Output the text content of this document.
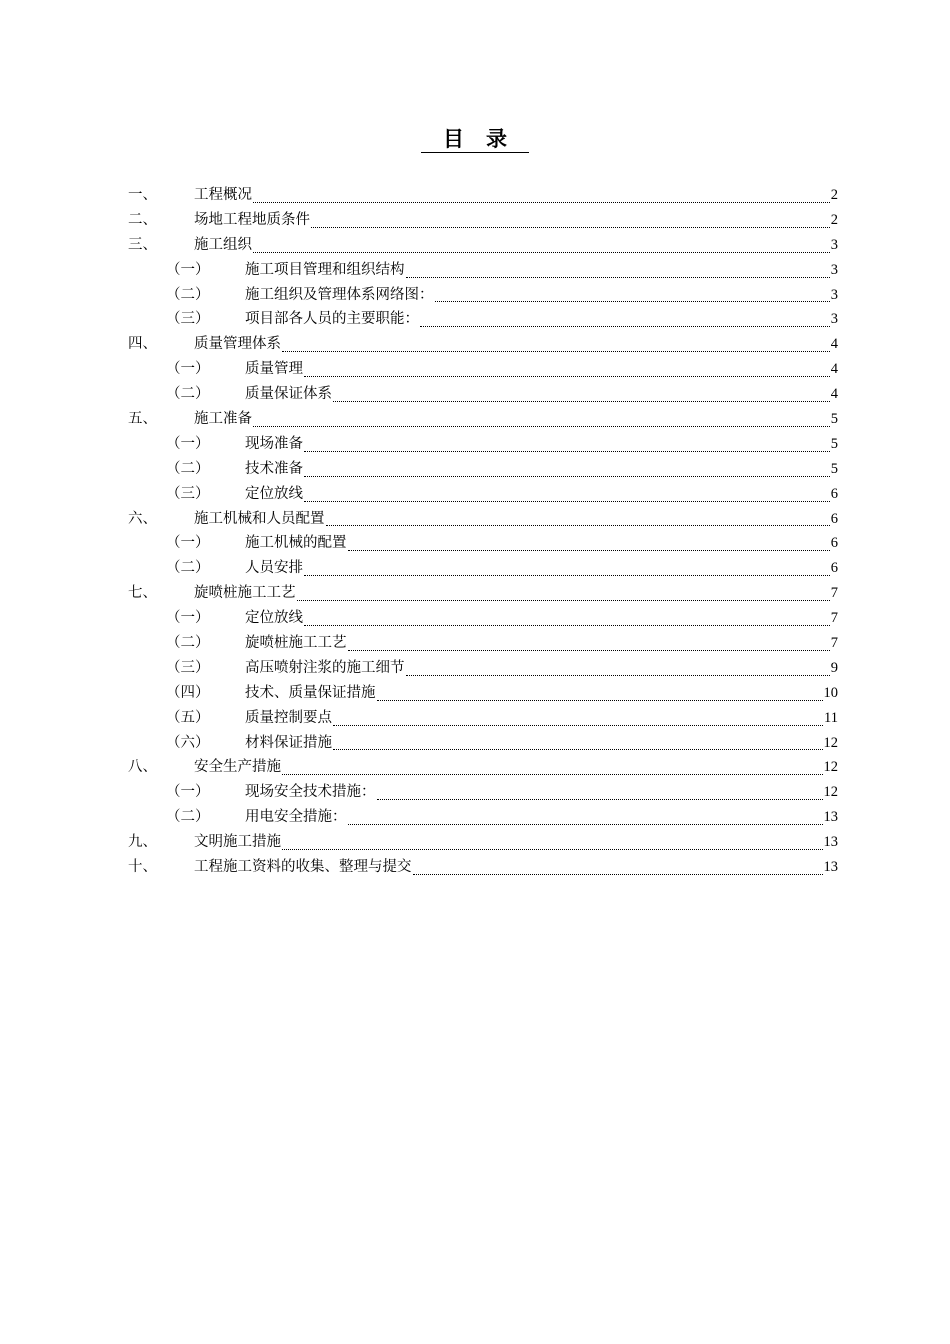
目录
一、	工程概况	2
二、	场地工程地质条件	2
三、	施工组织	3
（一）	施工项目管理和组织结构	3
（二）	施工组织及管理体系网络图：	3
（三）	项目部各人员的主要职能：	3
四、	质量管理体系	4
（一）	质量管理	4
（二）	质量保证体系	4
五、	施工准备	5
（一）	现场准备	5
（二）	技术准备	5
（三）	定位放线	6
六、	施工机械和人员配置	6
（一）	施工机械的配置	6
（二）	人员安排	6
七、	旋喷桩施工工艺	7
（一）	定位放线	7
（二）	旋喷桩施工工艺	7
（三）	高压喷射注浆的施工细节	9
（四）	技术、质量保证措施	10
（五）	质量控制要点	11
（六）	材料保证措施	12
八、	安全生产措施	12
（一）	现场安全技术措施：	12
（二）	用电安全措施：	13
九、	文明施工措施	13
十、	工程施工资料的收集、整理与提交	13
